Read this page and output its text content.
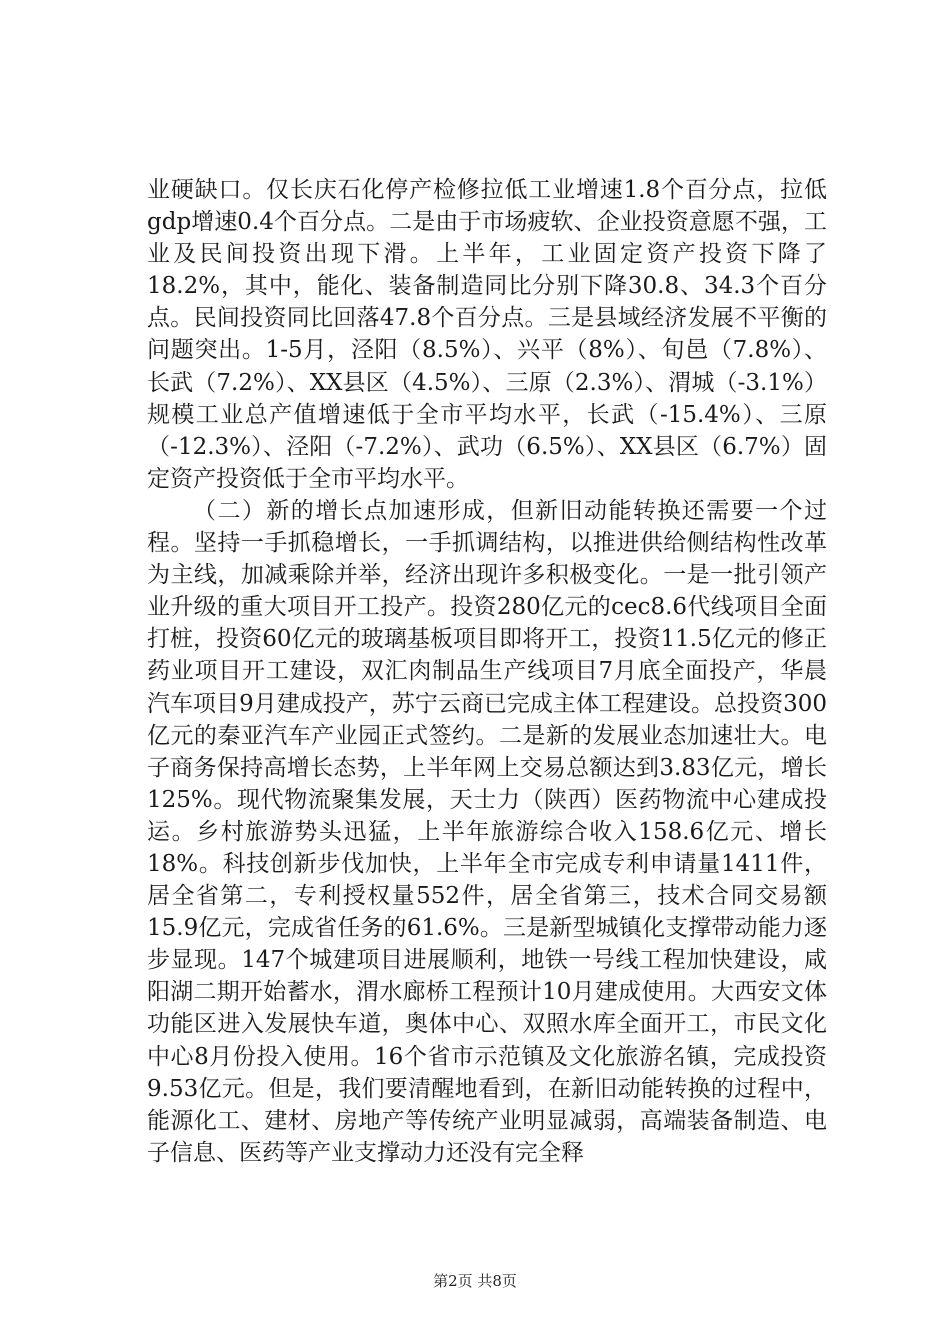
业硬缺口。仅长庆石化停产检修拉低工业增速1.8个百分点，拉低gdp增速0.4个百分点。二是由于市场疲软、企业投资意愿不强，工业及民间投资出现下滑。上半年，工业固定资产投资下降了18.2%，其中，能化、装备制造同比分别下降30.8、34.3个百分点。民间投资同比回落47.8个百分点。三是县域经济发展不平衡的问题突出。1-5月，泾阳（8.5%）、兴平（8%）、旬邑（7.8%）、长武（7.2%）、XX县区（4.5%）、三原（2.3%）、渭城（-3.1%）规模工业总产值增速低于全市平均水平，长武（-15.4%）、三原（-12.3%）、泾阳（-7.2%）、武功（6.5%）、XX县区（6.7%）固定资产投资低于全市平均水平。

（二）新的增长点加速形成，但新旧动能转换还需要一个过程。坚持一手抓稳增长，一手抓调结构，以推进供给侧结构性改革为主线，加减乘除并举，经济出现许多积极变化。一是一批引领产业升级的重大项目开工投产。投资280亿元的cec8.6代线项目全面打桩，投资60亿元的玻璃基板项目即将开工，投资11.5亿元的修正药业项目开工建设，双汇肉制品生产线项目7月底全面投产，华晨汽车项目9月建成投产，苏宁云商已完成主体工程建设。总投资300亿元的秦亚汽车产业园正式签约。二是新的发展业态加速壮大。电子商务保持高增长态势，上半年网上交易总额达到3.83亿元，增长125%。现代物流聚集发展，天士力（陕西）医药物流中心建成投运。乡村旅游势头迅猛，上半年旅游综合收入158.6亿元、增长18%。科技创新步伐加快，上半年全市完成专利申请量1411件，居全省第二，专利授权量552件，居全省第三，技术合同交易额15.9亿元，完成省任务的61.6%。三是新型城镇化支撑带动能力逐步显现。147个城建项目进展顺利，地铁一号线工程加快建设，咸阳湖二期开始蓄水，渭水廊桥工程预计10月建成使用。大西安文体功能区进入发展快车道，奥体中心、双照水库全面开工，市民文化中心8月份投入使用。16个省市示范镇及文化旅游名镇，完成投资9.53亿元。但是，我们要清醒地看到，在新旧动能转换的过程中，能源化工、建材、房地产等传统产业明显减弱，高端装备制造、电子信息、医药等产业支撑动力还没有完全释

第2页 共8页
